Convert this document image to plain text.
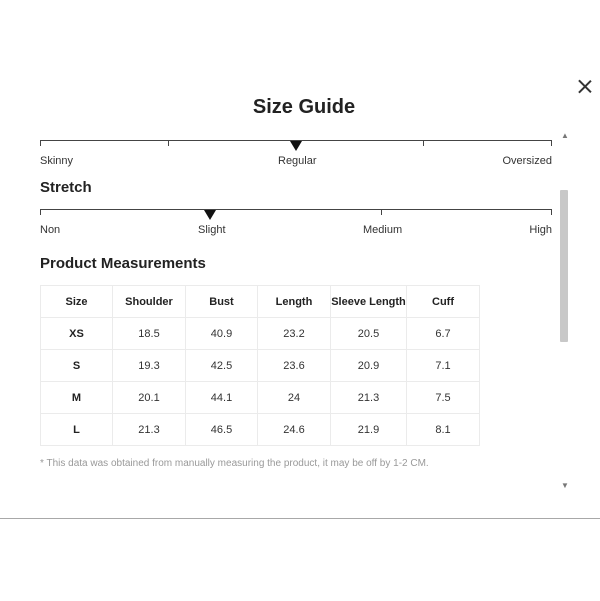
Size Guide
Skinny	Regular	Oversized
Stretch
Non	Slight	Medium	High
Product Measurements
Size	Shoulder	Bust	Length	Sleeve Length	Cuff
XS	18.5	40.9	23.2	20.5	6.7
S	19.3	42.5	23.6	20.9	7.1
M	20.1	44.1	24	21.3	7.5
L	21.3	46.5	24.6	21.9	8.1
* This data was obtained from manually measuring the product, it may be off by 1-2 CM.
▲
▼
